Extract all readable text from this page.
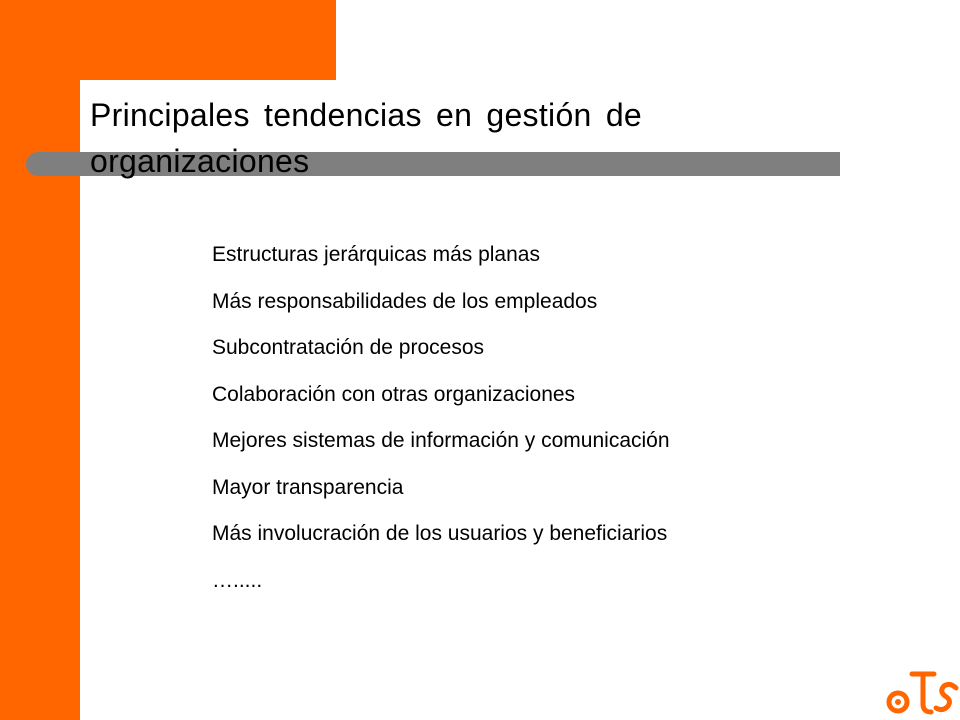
Principales tendencias en gestión de organizaciones
Estructuras jerárquicas más planas
Más responsabilidades de los empleados
Subcontratación de procesos
Colaboración con otras organizaciones
Mejores sistemas de información y comunicación
Mayor transparencia
Más involucración de los usuarios y beneficiarios
….....
